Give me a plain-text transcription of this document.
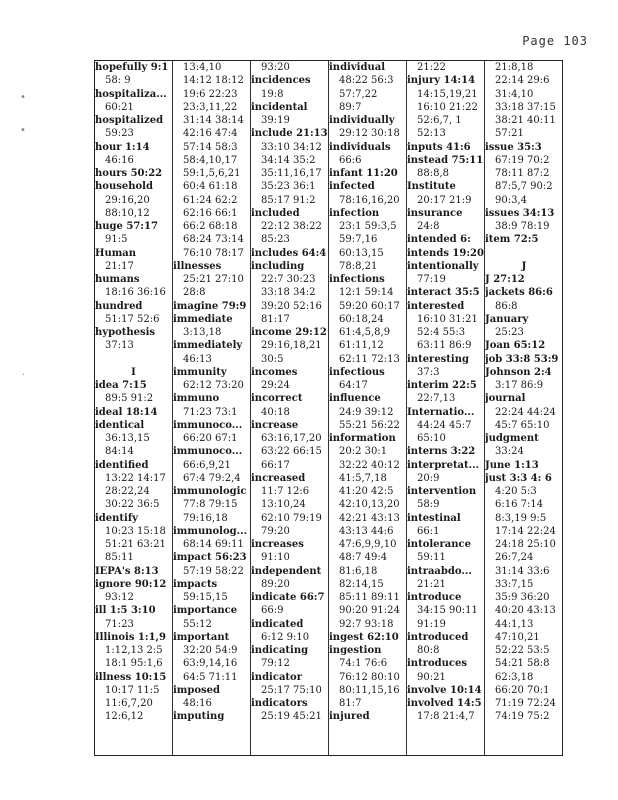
Page 103
•
•
·
hopefully 9:1
58: 9
hospitaliza...
60:21
hospitalized
59:23
hour 1:14
46:16
hours 50:22
household
29:16,20
88:10,12
huge 57:17
91:5
Human
21:17
humans
18:16 36:16
hundred
51:17 52:6
hypothesis
37:13
I
idea 7:15
89:5 91:2
ideal 18:14
identical
36:13,15
84:14
identified
13:22 14:17
28:22,24
30:22 36:5
identify
10:23 15:18
51:21 63:21
85:11
IEPA's 8:13
ignore 90:12
93:12
ill 1:5 3:10
71:23
Illinois 1:1,9
1:12,13 2:5
18:1 95:1,6
illness 10:15
10:17 11:5
11:6,7,20
12:6,12
13:4,10
14:12 18:12
19:6 22:23
23:3,11,22
31:14 38:14
42:16 47:4
57:14 58:3
58:4,10,17
59:1,5,6,21
60:4 61:18
61:24 62:2
62:16 66:1
66:2 68:18
68:24 73:14
76:10 78:17
illnesses
25:21 27:10
28:8
imagine 79:9
immediate
3:13,18
immediately
46:13
immunity
62:12 73:20
immuno
71:23 73:1
immunoco...
66:20 67:1
immunoco...
66:6,9,21
67:4 79:2,4
immunologic
77:8 79:15
79:16,18
immunolog...
68:14 69:11
impact 56:23
57:19 58:22
impacts
59:15,15
importance
55:12
important
32:20 54:9
63:9,14,16
64:5 71:11
imposed
48:16
imputing
93:20
incidences
19:8
incidental
39:19
include 21:13
33:10 34:12
34:14 35:2
35:11,16,17
35:23 36:1
85:17 91:2
included
22:12 38:22
85:23
includes 64:4
including
22:7 30:23
33:18 34:2
39:20 52:16
81:17
income 29:12
29:16,18,21
30:5
incomes
29:24
incorrect
40:18
increase
63:16,17,20
63:22 66:15
66:17
increased
11:7 12:6
13:10,24
62:10 79:19
79:20
increases
91:10
independent
89:20
indicate 66:7
66:9
indicated
6:12 9:10
indicating
79:12
indicator
25:17 75:10
indicators
25:19 45:21
individual
48:22 56:3
57:7,22
89:7
individually
29:12 30:18
individuals
66:6
infant 11:20
infected
78:16,16,20
infection
23:1 59:3,5
59:7,16
60:13,15
78:8,21
infections
12:1 59:14
59:20 60:17
60:18,24
61:4,5,8,9
61:11,12
62:11 72:13
infectious
64:17
influence
24:9 39:12
55:21 56:22
information
20:2 30:1
32:22 40:12
41:5,7,18
41:20 42:5
42:10,13,20
42:21 43:13
43:13 44:6
47:6,9,9,10
48:7 49:4
81:6,18
82:14,15
85:11 89:11
90:20 91:24
92:7 93:18
ingest 62:10
ingestion
74:1 76:6
76:12 80:10
80:11,15,16
81:7
injured
21:22
injury 14:14
14:15,19,21
16:10 21:22
52:6,7, 1
52:13
inputs 41:6
instead 75:11
88:8,8
Institute
20:17 21:9
insurance
24:8
intended 6:
intends 19:20
intentionally
77:19
interact 35:5
interested
16:10 31:21
52:4 55:3
63:11 86:9
interesting
37:3
interim 22:5
22:7,13
Internatio...
44:24 45:7
65:10
interns 3:22
interpretat...
20:9
intervention
58:9
intestinal
66:1
intolerance
59:11
intraabdo...
21:21
introduce
34:15 90:11
91:19
introduced
80:8
introduces
90:21
involve 10:14
involved 14:5
17:8 21:4,7
21:8,18
22:14 29:6
31:4,10
33:18 37:15
38:21 40:11
57:21
issue 35:3
67:19 70:2
78:11 87:2
87:5,7 90:2
90:3,4
issues 34:13
38:9 78:19
item 72:5
J
J 27:12
jackets 86:6
86:8
January
25:23
Joan 65:12
job 33:8 53:9
Johnson 2:4
3:17 86:9
journal
22:24 44:24
45:7 65:10
judgment
33:24
June 1:13
just 3:3 4: 6
4:20 5:3
6:16 7:14
8:3,19 9:5
17:14 22:24
24:18 25:10
26:7,24
31:14 33:6
33:7,15
35:9 36:20
40:20 43:13
44:1,13
47:10,21
52:22 53:5
54:21 58:8
62:3,18
66:20 70:1
71:19 72:24
74:19 75:2
